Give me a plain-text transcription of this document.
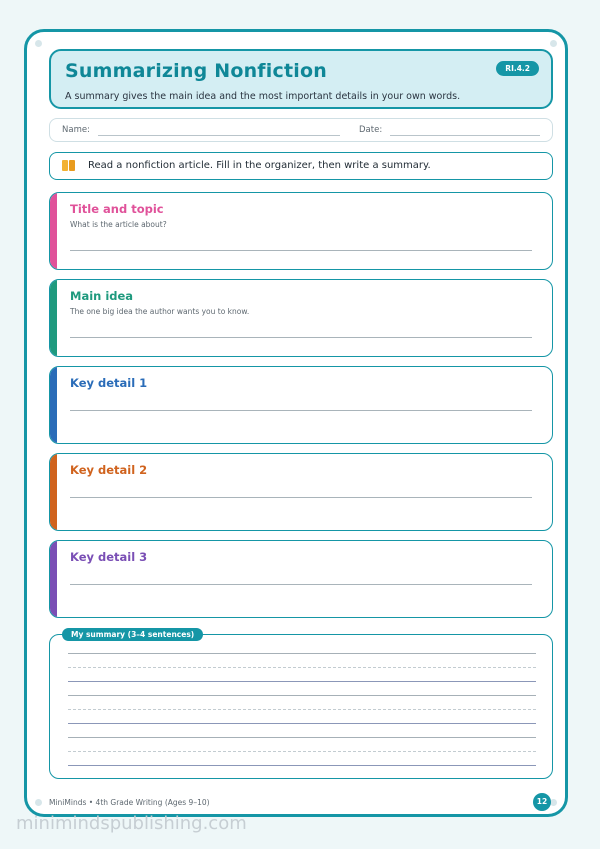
Summarizing Nonfiction
A summary gives the main idea and the most important details in your own words.
RI.4.2
Name:	Date:
Read a nonfiction article. Fill in the organizer, then write a summary.
Title and topic
What is the article about?
Main idea
The one big idea the author wants you to know.
Key detail 1
Key detail 2
Key detail 3
My summary (3–4 sentences)
MiniMinds • 4th Grade Writing (Ages 9–10)	12
minimindspublishing.com
